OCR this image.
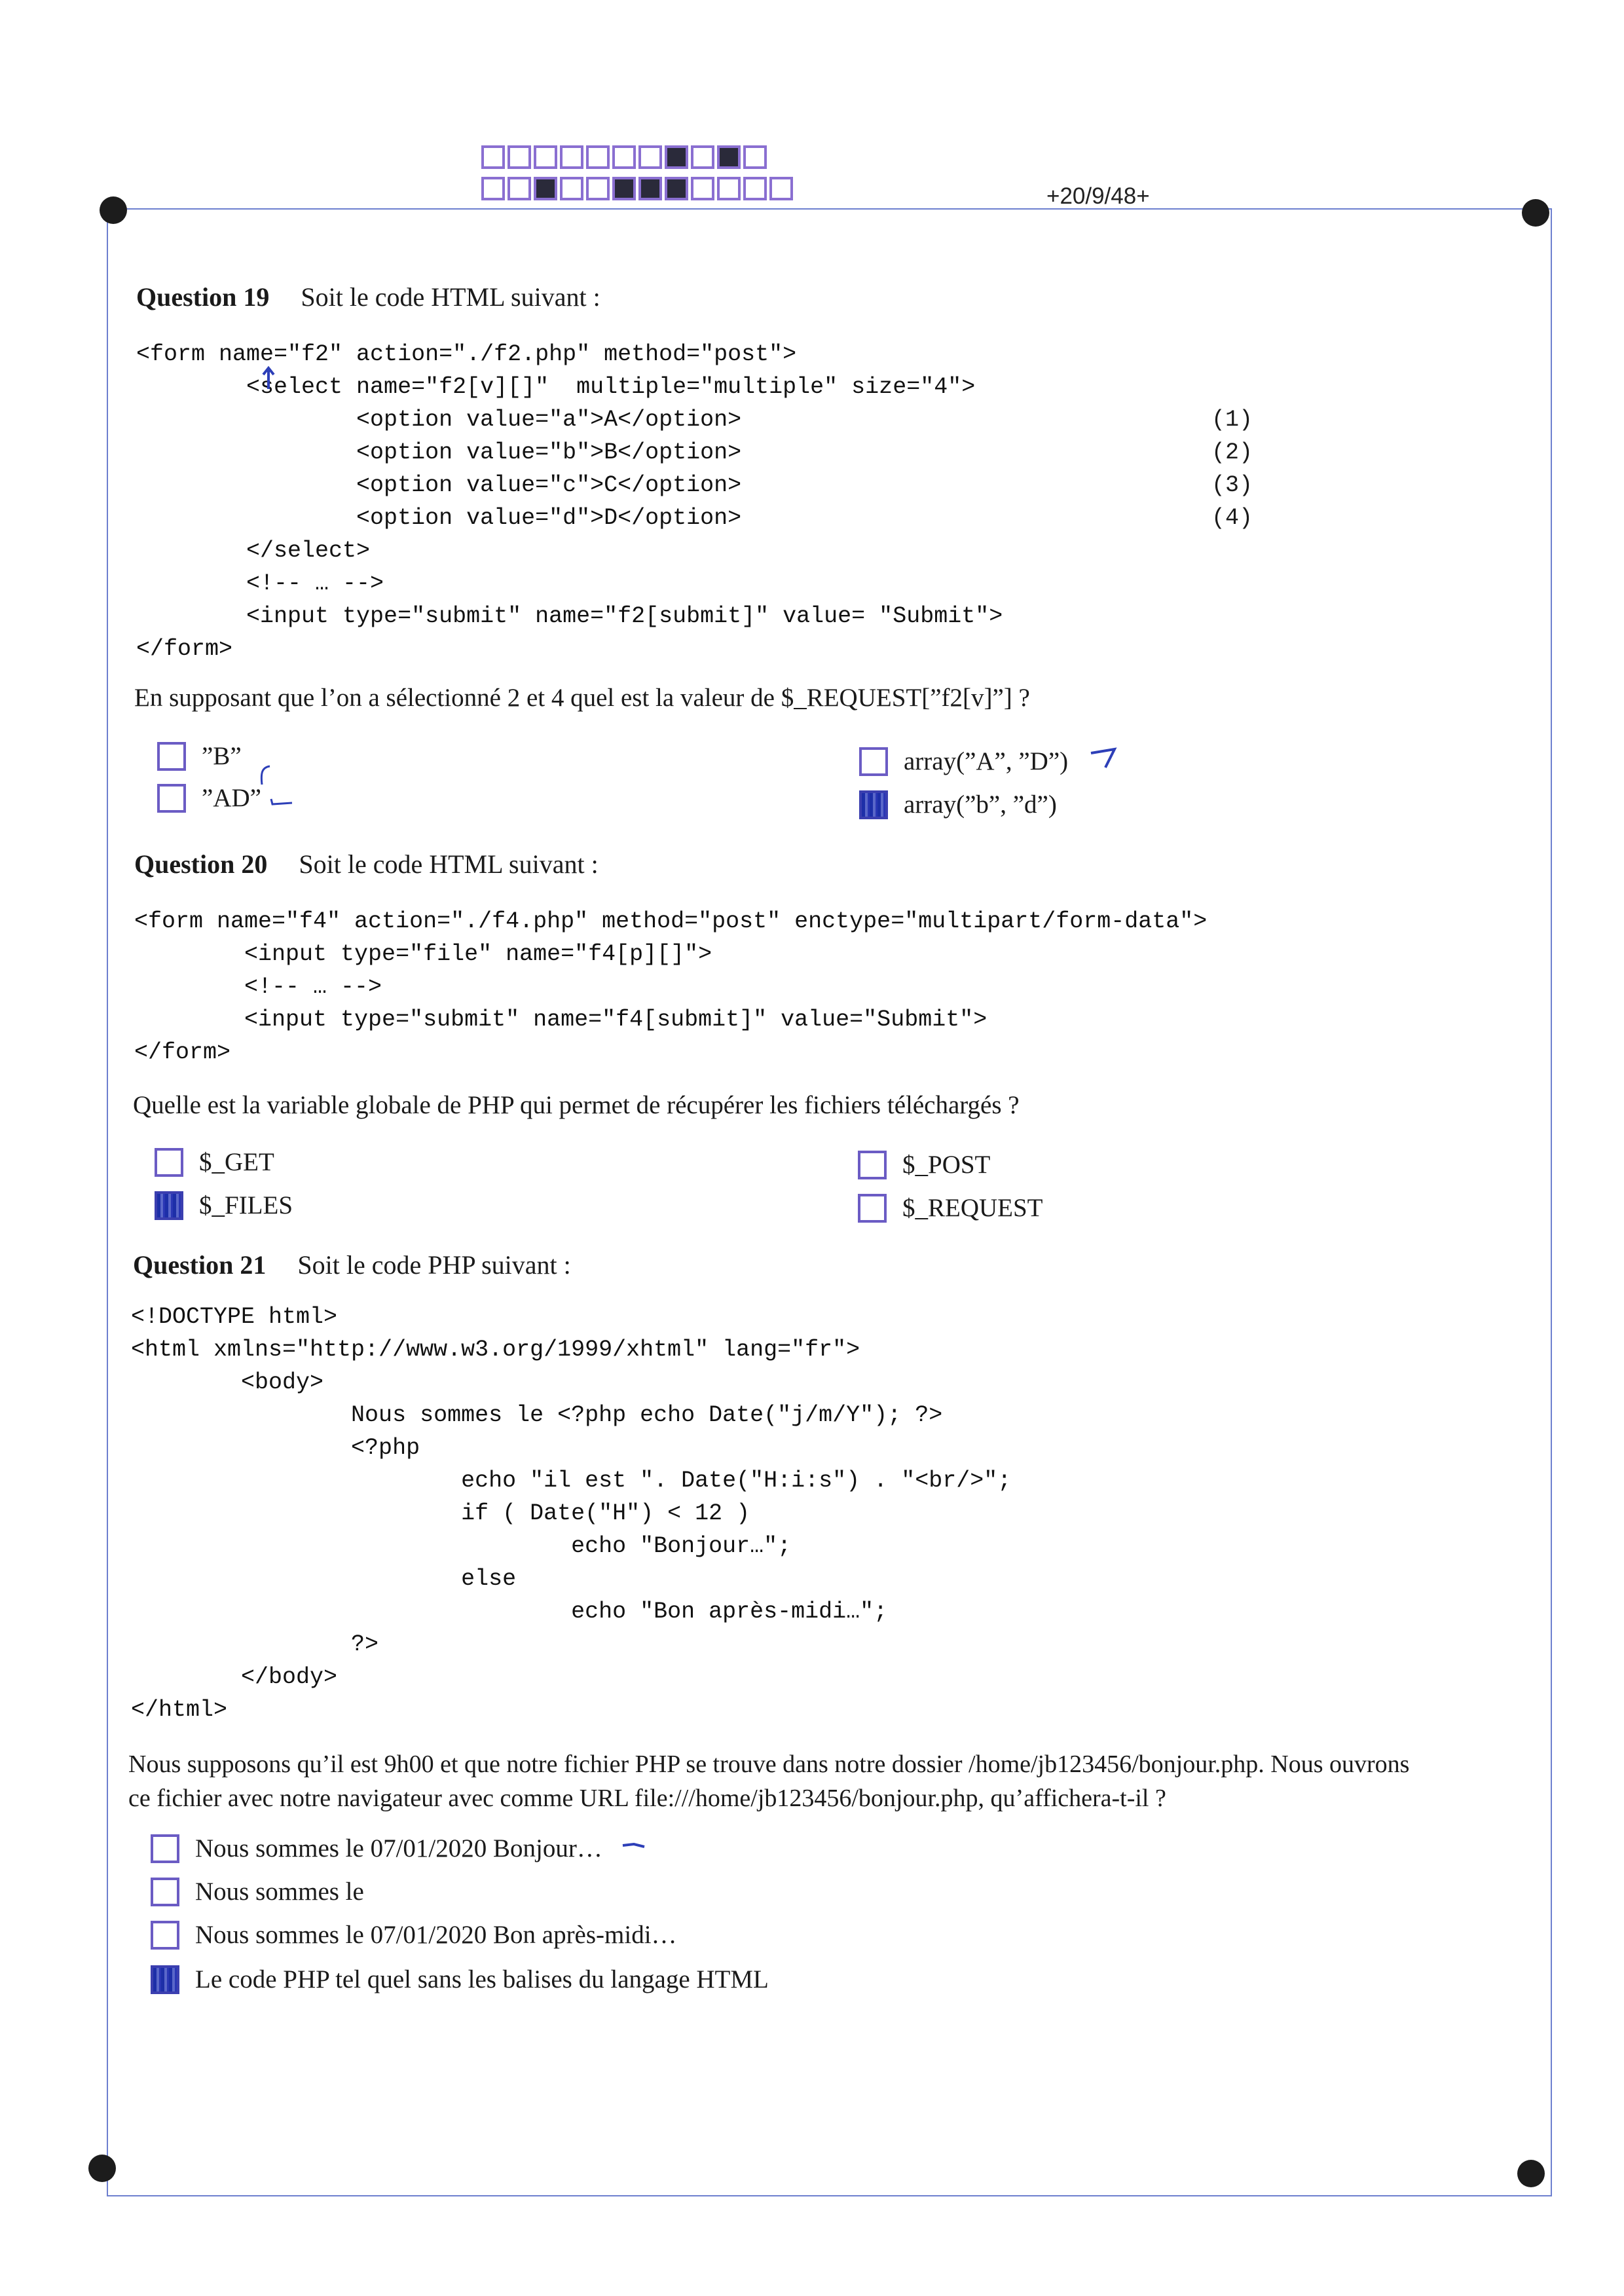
+20/9/48+
Question 19 Soit le code HTML suivant :
<form name="f2" action="./f2.php" method="post">
<select name="f2[v][]"  multiple="multiple" size="4">
<option value="a">A</option>
<option value="b">B</option>
<option value="c">C</option>
<option value="d">D</option>
</select>
<!-- … -->
<input type="submit" name="f2[submit]" value= "Submit">
</form>
(1)
(2)
(3)
(4)
En supposant que l’on a sélectionné 2 et 4 quel est la valeur de $_REQUEST[”f2[v]”] ?
”B”
”AD”
array(”A”, ”D”)
array(”b”, ”d”)
Question 20 Soit le code HTML suivant :
<form name="f4" action="./f4.php" method="post" enctype="multipart/form-data">
<input type="file" name="f4[p][]">
<!-- … -->
<input type="submit" name="f4[submit]" value="Submit">
</form>
Quelle est la variable globale de PHP qui permet de récupérer les fichiers téléchargés ?
$_GET
$_FILES
$_POST
$_REQUEST
Question 21 Soit le code PHP suivant :
<!DOCTYPE html>
<html xmlns="http://www.w3.org/1999/xhtml" lang="fr">
<body>
Nous sommes le <?php echo Date("j/m/Y"); ?>
<?php
echo "il est ". Date("H:i:s") . "<br/>";
if ( Date("H") < 12 )
echo "Bonjour…";
else
echo "Bon après-midi…";
?>
</body>
</html>
Nous supposons qu’il est 9h00 et que notre fichier PHP se trouve dans notre dossier /home/jb123456/bonjour.php. Nous ouvrons
ce fichier avec notre navigateur avec comme URL file:///home/jb123456/bonjour.php, qu’affichera-t-il ?
Nous sommes le 07/01/2020 Bonjour…
Nous sommes le
Nous sommes le 07/01/2020 Bon après-midi…
Le code PHP tel quel sans les balises du langage HTML
